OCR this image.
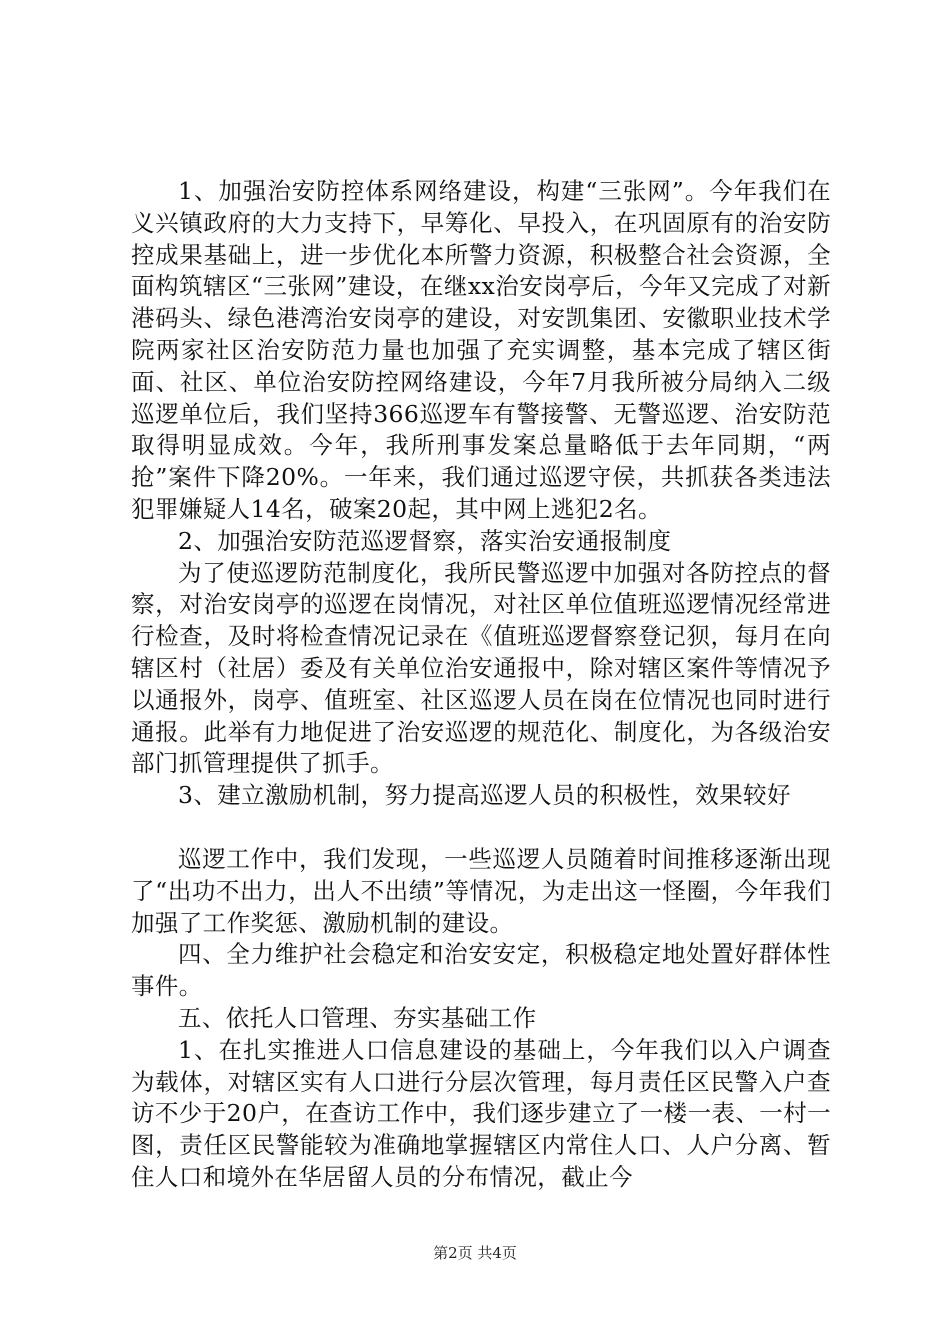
1、加强治安防控体系网络建设，构建“三张网”。今年我们在义兴镇政府的大力支持下，早筹化、早投入，在巩固原有的治安防控成果基础上，进一步优化本所警力资源，积极整合社会资源，全面构筑辖区“三张网”建设，在继xx治安岗亭后，今年又完成了对新港码头、绿色港湾治安岗亭的建设，对安凯集团、安徽职业技术学院两家社区治安防范力量也加强了充实调整，基本完成了辖区街面、社区、单位治安防控网络建设，今年7月我所被分局纳入二级巡逻单位后，我们坚持366巡逻车有警接警、无警巡逻、治安防范取得明显成效。今年，我所刑事发案总量略低于去年同期，“两抢”案件下降20%。一年来，我们通过巡逻守侯，共抓获各类违法犯罪嫌疑人14名，破案20起，其中网上逃犯2名。

2、加强治安防范巡逻督察，落实治安通报制度

为了使巡逻防范制度化，我所民警巡逻中加强对各防控点的督察，对治安岗亭的巡逻在岗情况，对社区单位值班巡逻情况经常进行检查，及时将检查情况记录在《值班巡逻督察登记狈，每月在向辖区村（社居）委及有关单位治安通报中，除对辖区案件等情况予以通报外，岗亭、值班室、社区巡逻人员在岗在位情况也同时进行通报。此举有力地促进了治安巡逻的规范化、制度化，为各级治安部门抓管理提供了抓手。

3、建立激励机制，努力提高巡逻人员的积极性，效果较好

巡逻工作中，我们发现，一些巡逻人员随着时间推移逐渐出现了“出功不出力，出人不出绩”等情况，为走出这一怪圈，今年我们加强了工作奖惩、激励机制的建设。

四、全力维护社会稳定和治安安定，积极稳定地处置好群体性事件。

五、依托人口管理、夯实基础工作

1、在扎实推进人口信息建设的基础上，今年我们以入户调查为载体，对辖区实有人口进行分层次管理，每月责任区民警入户查访不少于20户，在查访工作中，我们逐步建立了一楼一表、一村一图，责任区民警能较为准确地掌握辖区内常住人口、人户分离、暂住人口和境外在华居留人员的分布情况，截止今

第2页 共4页
